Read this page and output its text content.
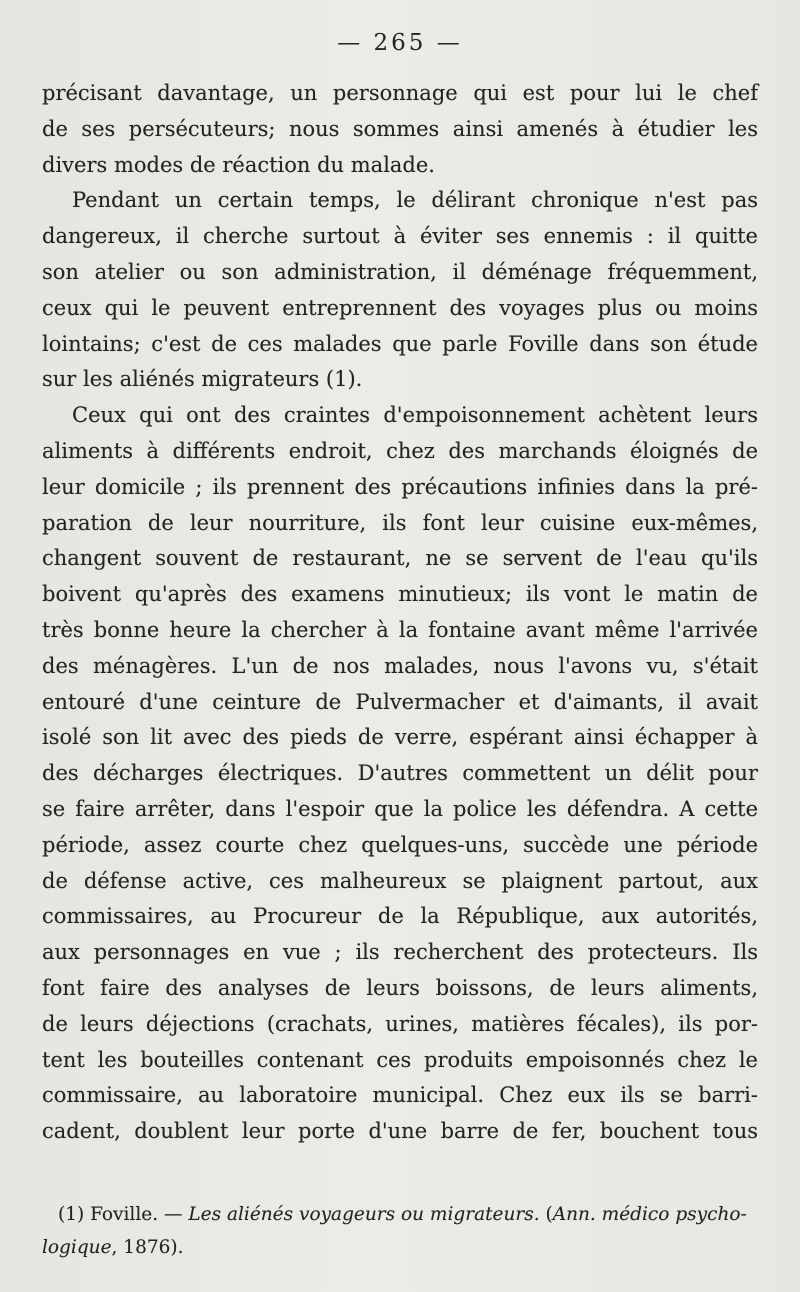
— 265 —
précisant davantage, un personnage qui est pour lui le chef
de ses persécuteurs; nous sommes ainsi amenés à étudier les
divers modes de réaction du malade.
Pendant un certain temps, le délirant chronique n'est pas
dangereux, il cherche surtout à éviter ses ennemis : il quitte
son atelier ou son administration, il déménage fréquemment,
ceux qui le peuvent entreprennent des voyages plus ou moins
lointains; c'est de ces malades que parle Foville dans son étude
sur les aliénés migrateurs (1).
Ceux qui ont des craintes d'empoisonnement achètent leurs
aliments à différents endroit, chez des marchands éloignés de
leur domicile ; ils prennent des précautions infinies dans la pré-
paration de leur nourriture, ils font leur cuisine eux-mêmes,
changent souvent de restaurant, ne se servent de l'eau qu'ils
boivent qu'après des examens minutieux; ils vont le matin de
très bonne heure la chercher à la fontaine avant même l'arrivée
des ménagères. L'un de nos malades, nous l'avons vu, s'était
entouré d'une ceinture de Pulvermacher et d'aimants, il avait
isolé son lit avec des pieds de verre, espérant ainsi échapper à
des décharges électriques. D'autres commettent un délit pour
se faire arrêter, dans l'espoir que la police les défendra. A cette
période, assez courte chez quelques-uns, succède une période
de défense active, ces malheureux se plaignent partout, aux
commissaires, au Procureur de la République, aux autorités,
aux personnages en vue ; ils recherchent des protecteurs. Ils
font faire des analyses de leurs boissons, de leurs aliments,
de leurs déjections (crachats, urines, matières fécales), ils por-
tent les bouteilles contenant ces produits empoisonnés chez le
commissaire, au laboratoire municipal. Chez eux ils se barri-
cadent, doublent leur porte d'une barre de fer, bouchent tous
(1) Foville. — Les aliénés voyageurs ou migrateurs. (Ann. médico psycho-
logique, 1876).
